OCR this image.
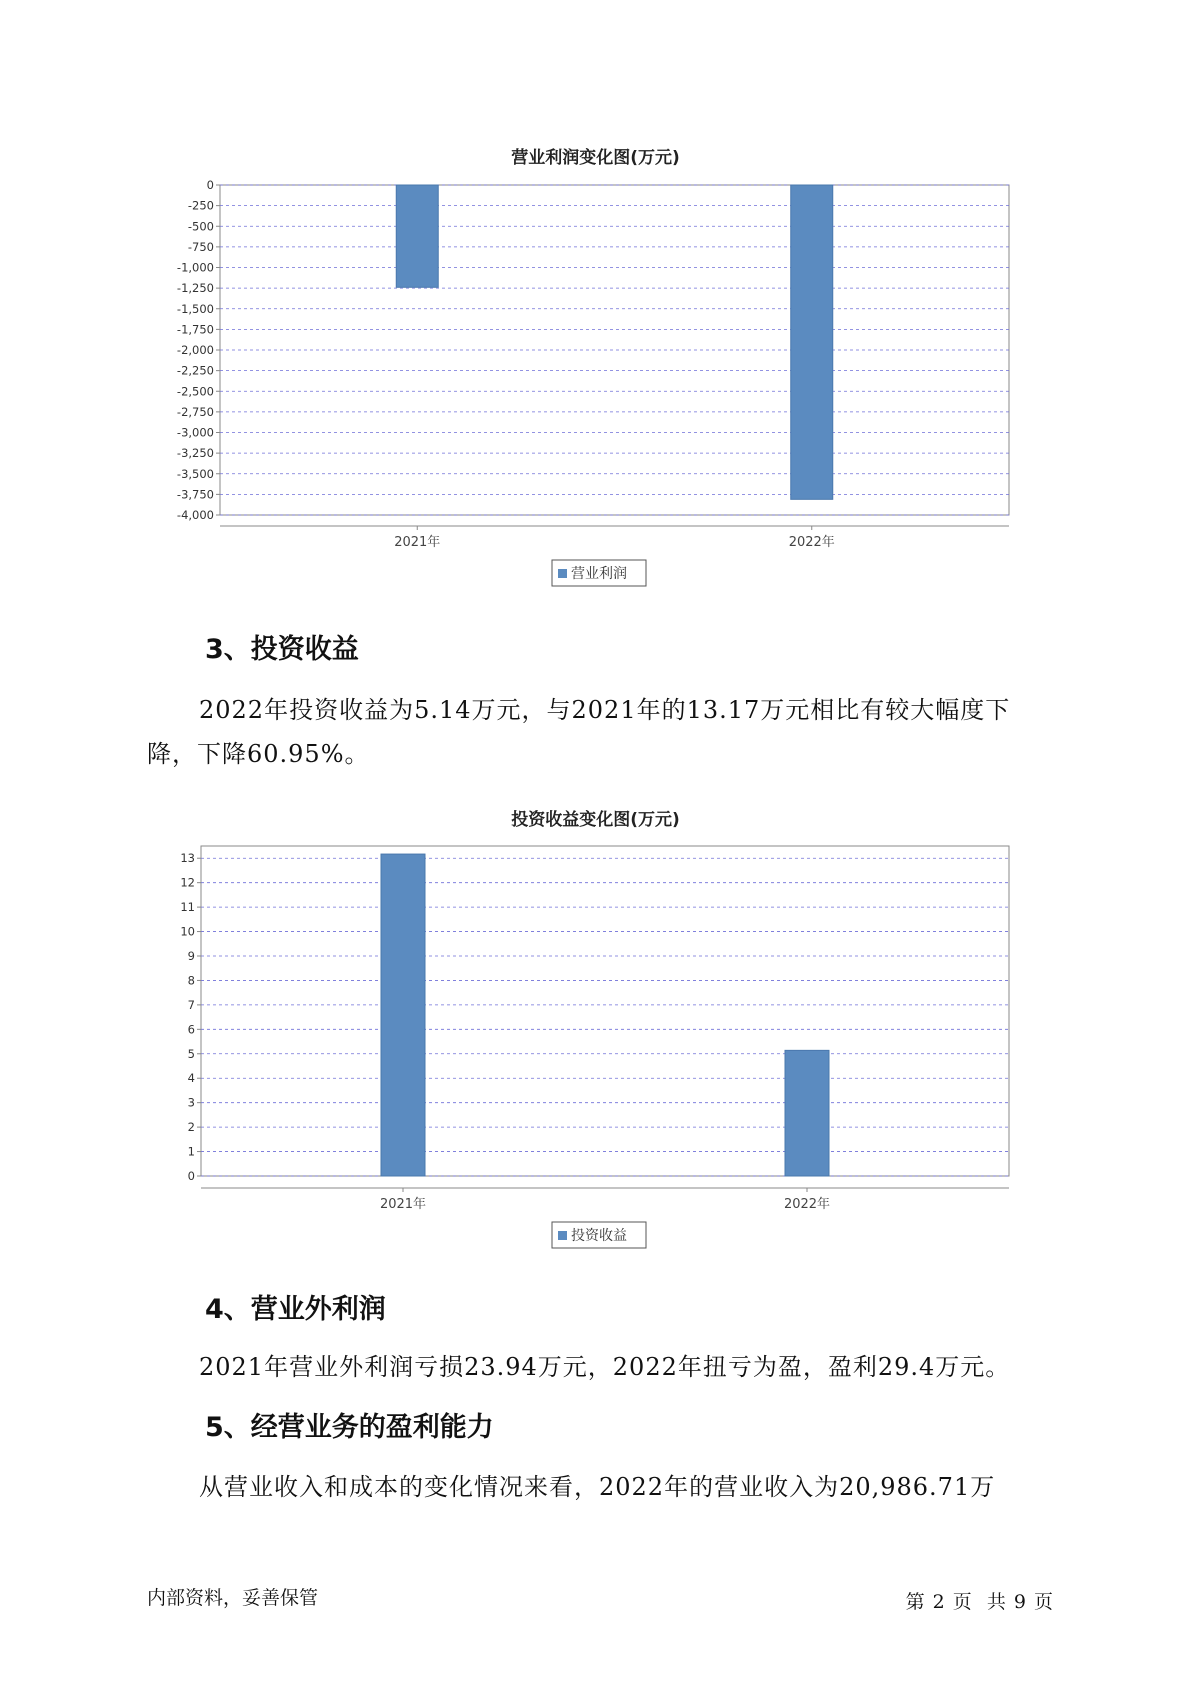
营业利润变化图(万元)
-4,000
-3,750
-3,500
-3,250
-3,000
-2,750
-2,500
-2,250
-2,000
-1,750
-1,500
-1,250
-1,000
-750
-500
-250
0
2021年	2022年
营业利润
3、投资收益

2022年投资收益为5.14万元，与2021年的13.17万元相比有较大幅度下降，下降60.95%。

投资收益变化图(万元)
0
1
2
3
4
5
6
7
8
9
10
11
12
13
2021年	2022年
投资收益
4、营业外利润

2021年营业外利润亏损23.94万元，2022年扭亏为盈，盈利29.4万元。

5、经营业务的盈利能力

从营业收入和成本的变化情况来看，2022年的营业收入为20,986.71万

内部资料，妥善保管	第 2 页  共 9 页
